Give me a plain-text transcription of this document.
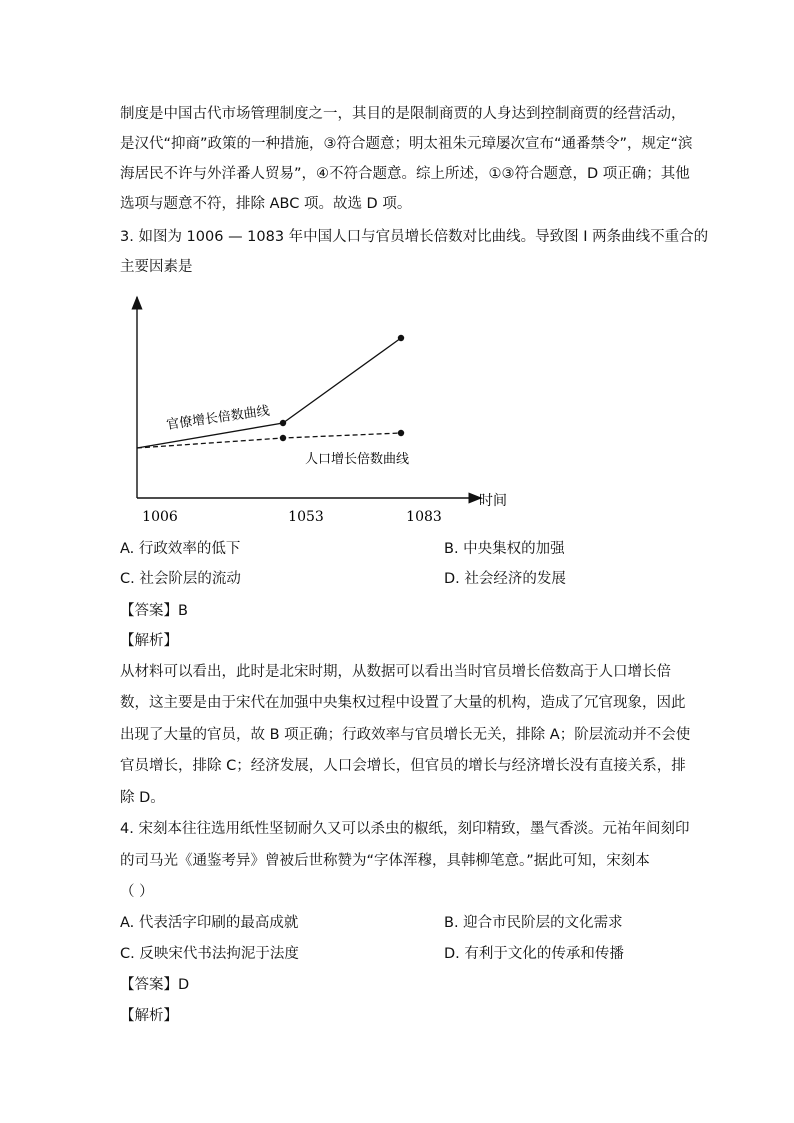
制度是中国古代市场管理制度之一，其目的是限制商贾的人身达到控制商贾的经营活动，
是汉代“抑商”政策的一种措施，③符合题意；明太祖朱元璋屡次宣布“通番禁令”，规定“滨
海居民不许与外洋番人贸易”，④不符合题意。综上所述，①③符合题意，D 项正确；其他
选项与题意不符，排除 ABC 项。故选 D 项。
3. 如图为 1006 — 1083 年中国人口与官员增长倍数对比曲线。导致图 I 两条曲线不重合的
主要因素是
时间
1006	1053	1083
官僚增长倍数曲线
人口增长倍数曲线
A. 行政效率的低下	B. 中央集权的加强
C. 社会阶层的流动	D. 社会经济的发展
【答案】B
【解析】
从材料可以看出，此时是北宋时期，从数据可以看出当时官员增长倍数高于人口增长倍
数，这主要是由于宋代在加强中央集权过程中设置了大量的机构，造成了冗官现象，因此
出现了大量的官员，故 B 项正确；行政效率与官员增长无关，排除 A；阶层流动并不会使
官员增长，排除 C；经济发展，人口会增长，但官员的增长与经济增长没有直接关系，排
除 D。
4. 宋刻本往往选用纸性坚韧耐久又可以杀虫的椒纸，刻印精致，墨气香淡。元祐年间刻印
的司马光《通鉴考异》曾被后世称赞为“字体浑穆，具韩柳笔意。”据此可知，宋刻本
（ ）
A. 代表活字印刷的最高成就	B. 迎合市民阶层的文化需求
C. 反映宋代书法拘泥于法度	D. 有利于文化的传承和传播
【答案】D
【解析】
